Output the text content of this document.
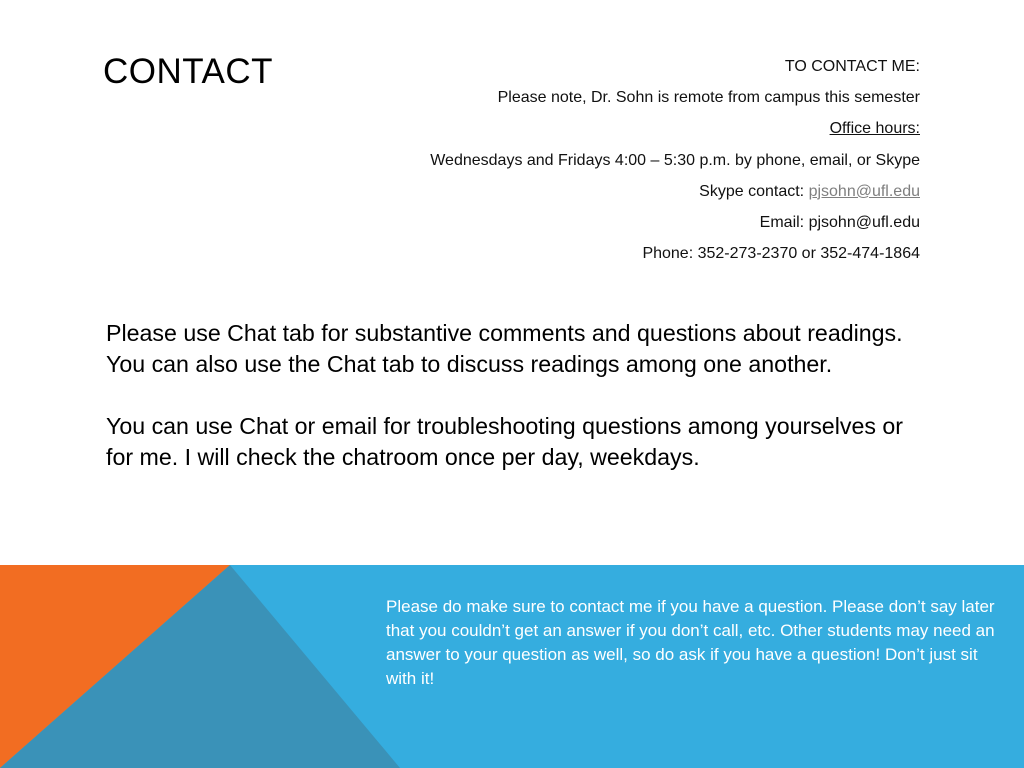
CONTACT	TO CONTACT ME:
Please note, Dr. Sohn is remote from campus this semester
Office hours:
Wednesdays and Fridays 4:00 – 5:30 p.m. by phone, email, or Skype
Skype contact: pjsohn@ufl.edu
Email: pjsohn@ufl.edu
Phone: 352-273-2370 or 352-474-1864

Please use Chat tab for substantive comments and questions about readings. You can also use the Chat tab to discuss readings among one another.

You can use Chat or email for troubleshooting questions among yourselves or for me. I will check the chatroom once per day, weekdays.

Please do make sure to contact me if you have a question. Please don’t say later that you couldn’t get an answer if you don’t call, etc. Other students may need an answer to your question as well, so do ask if you have a question! Don’t just sit with it!
